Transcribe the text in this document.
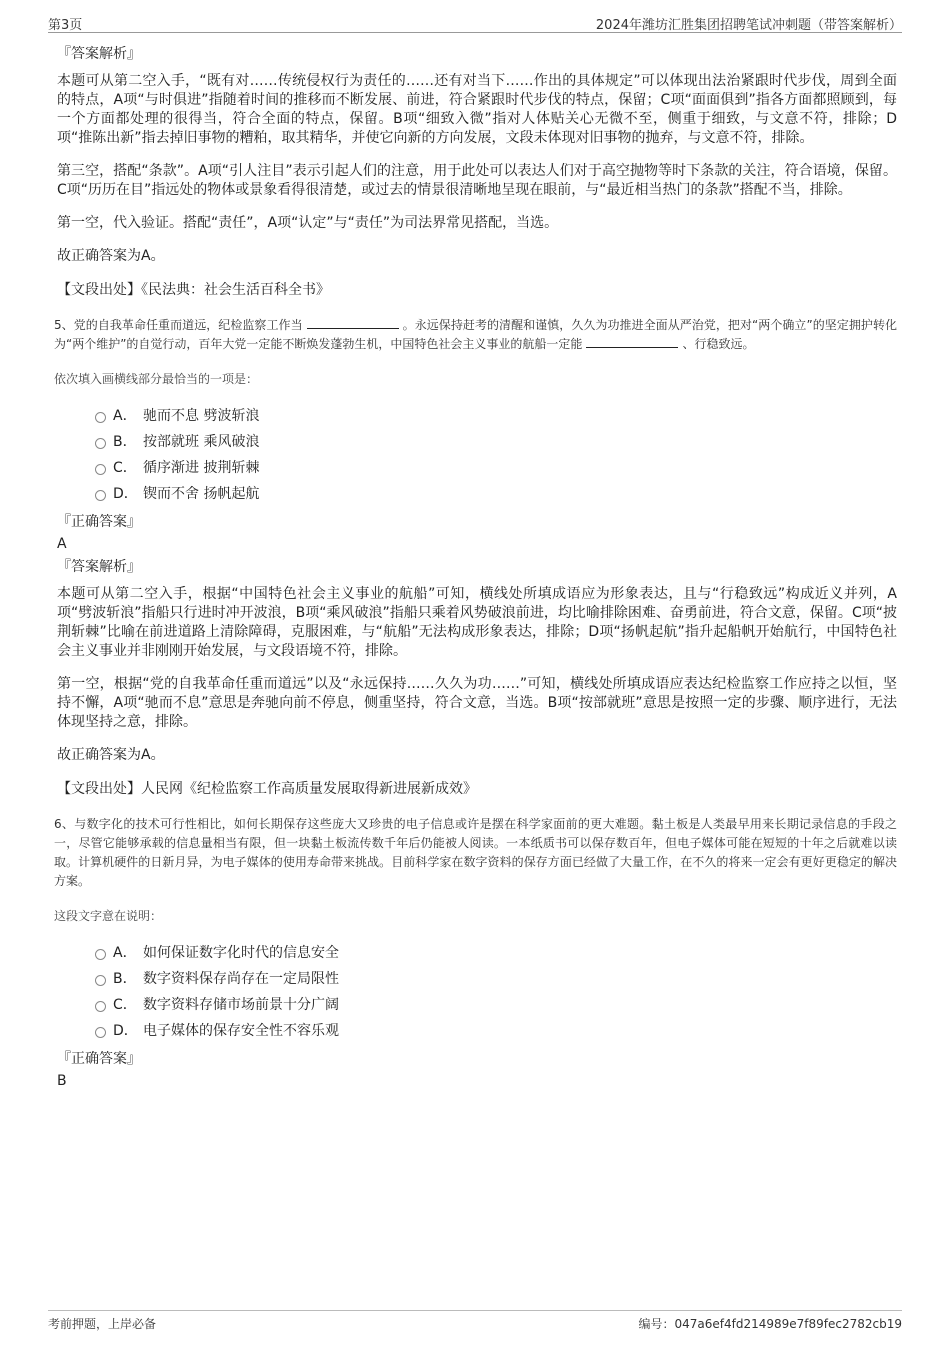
第3页	2024年潍坊汇胜集团招聘笔试冲刺题（带答案解析）
『答案解析』

本题可从第二空入手，“既有对……传统侵权行为责任的……还有对当下……作出的具体规定”可以体现出法治紧跟时代步伐，周到全面的特点，A项“与时俱进”指随着时间的推移而不断发展、前进，符合紧跟时代步伐的特点，保留；C项“面面俱到”指各方面都照顾到，每一个方面都处理的很得当，符合全面的特点，保留。B项“细致入微”指对人体贴关心无微不至，侧重于细致，与文意不符，排除；D项“推陈出新”指去掉旧事物的糟粕，取其精华，并使它向新的方向发展，文段未体现对旧事物的抛弃，与文意不符，排除。

第三空，搭配“条款”。A项“引人注目”表示引起人们的注意，用于此处可以表达人们对于高空抛物等时下条款的关注，符合语境，保留。C项“历历在目”指远处的物体或景象看得很清楚，或过去的情景很清晰地呈现在眼前，与“最近相当热门的条款”搭配不当，排除。

第一空，代入验证。搭配“责任”，A项“认定”与“责任”为司法界常见搭配，当选。

故正确答案为A。

【文段出处】《民法典：社会生活百科全书》

5、党的自我革命任重而道远，纪检监察工作当	。永远保持赶考的清醒和谨慎，久久为功推进全面从严治党，把对“两个确立”的坚定拥护转化为“两个维护”的自觉行动，百年大党一定能不断焕发蓬勃生机，中国特色社会主义事业的航船一定能	、行稳致远。

依次填入画横线部分最恰当的一项是：
A． 驰而不息 劈波斩浪
B． 按部就班 乘风破浪
C． 循序渐进 披荆斩棘
D． 锲而不舍 扬帆起航
『正确答案』
A
『答案解析』

本题可从第二空入手，根据“中国特色社会主义事业的航船”可知，横线处所填成语应为形象表达，且与“行稳致远”构成近义并列，A项“劈波斩浪”指船只行进时冲开波浪，B项“乘风破浪”指船只乘着风势破浪前进，均比喻排除困难、奋勇前进，符合文意，保留。C项“披荆斩棘”比喻在前进道路上清除障碍，克服困难，与“航船”无法构成形象表达，排除；D项“扬帆起航”指升起船帆开始航行，中国特色社会主义事业并非刚刚开始发展，与文段语境不符，排除。

第一空，根据“党的自我革命任重而道远”以及“永远保持……久久为功……”可知，横线处所填成语应表达纪检监察工作应持之以恒，坚持不懈，A项“驰而不息”意思是奔驰向前不停息，侧重坚持，符合文意，当选。B项“按部就班”意思是按照一定的步骤、顺序进行，无法体现坚持之意，排除。

故正确答案为A。

【文段出处】人民网《纪检监察工作高质量发展取得新进展新成效》

6、与数字化的技术可行性相比，如何长期保存这些庞大又珍贵的电子信息或许是摆在科学家面前的更大难题。黏土板是人类最早用来长期记录信息的手段之一，尽管它能够承载的信息量相当有限，但一块黏土板流传数千年后仍能被人阅读。一本纸质书可以保存数百年，但电子媒体可能在短短的十年之后就难以读取。计算机硬件的日新月异，为电子媒体的使用寿命带来挑战。目前科学家在数字资料的保存方面已经做了大量工作，在不久的将来一定会有更好更稳定的解决方案。

这段文字意在说明：
A． 如何保证数字化时代的信息安全
B． 数字资料保存尚存在一定局限性
C． 数字资料存储市场前景十分广阔
D． 电子媒体的保存安全性不容乐观
『正确答案』
B
考前押题，上岸必备	编号：047a6ef4fd214989e7f89fec2782cb19
